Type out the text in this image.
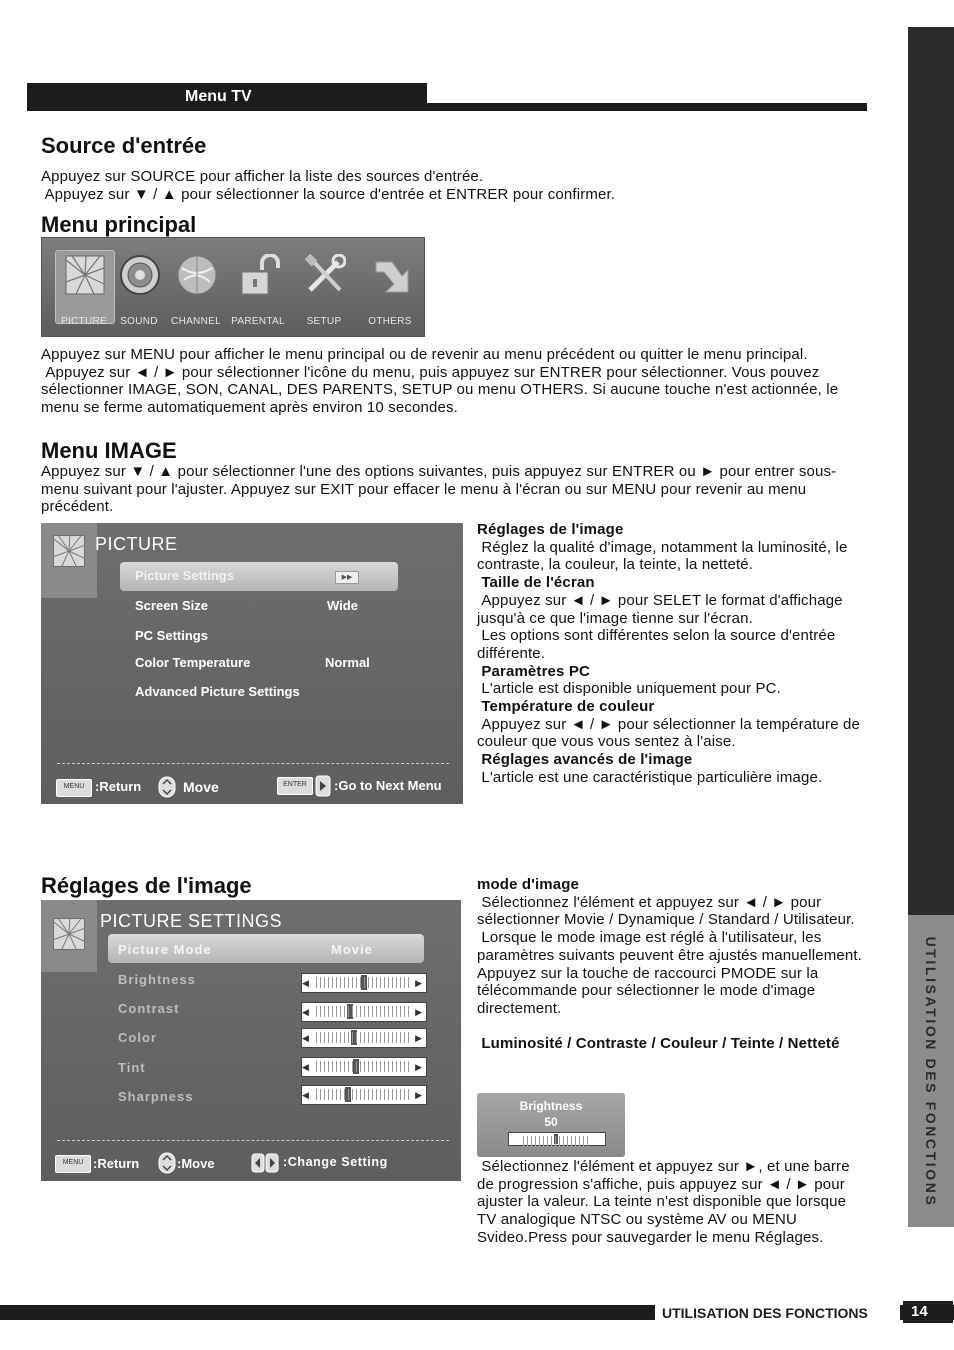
UTILISATION DES FONCTIONS
Menu TV
Source d'entrée

Appuyez sur SOURCE pour afficher la liste des sources d'entrée.

Appuyez sur ▼ / ▲ pour sélectionner la source d'entrée et ENTRER pour confirmer.

Menu principal
PICTURE	SOUND	CHANNEL	PARENTAL	SETUP	OTHERS

Appuyez sur MENU pour afficher le menu principal ou de revenir au menu précédent ou quitter le menu principal.

Appuyez sur ◄ / ► pour sélectionner l'icône du menu, puis appuyez sur ENTRER pour sélectionner. Vous pouvez sélectionner IMAGE, SON, CANAL, DES PARENTS, SETUP ou menu OTHERS. Si aucune touche n'est actionnée, le menu se ferme automatiquement après environ 10 secondes.

Menu IMAGE
Appuyez sur ▼ / ▲ pour sélectionner l'une des options suivantes, puis appuyez sur ENTRER ou ► pour entrer sous-menu suivant pour l'ajuster. Appuyez sur EXIT pour effacer le menu à l'écran ou sur MENU pour revenir au menu précédent.
PICTURE
Picture Settings	▶▶
Screen Size	Wide
PC Settings
Color Temperature	Normal
Advanced Picture Settings
MENU :Return	Move	ENTER	:Go to Next Menu

Réglages de l'image

Réglez la qualité d'image, notamment la luminosité, le contraste, la couleur, la teinte, la netteté.

Taille de l'écran

Appuyez sur ◄ / ► pour SELET le format d'affichage jusqu'à ce que l'image tienne sur l'écran.
Les options sont différentes selon la source d'entrée différente.

Paramètres PC

L'article est disponible uniquement pour PC.

Température de couleur

Appuyez sur ◄ / ► pour sélectionner la température de couleur que vous vous sentez à l'aise.

Réglages avancés de l'image

L'article est une caractéristique particulière image.

Réglages de l'image
PICTURE SETTINGS
Picture Mode	Movie
Brightness	◀	▶
Contrast	◀	▶
Color	◀	▶
Tint	◀	▶
Sharpness	◀	▶
MENU :Return	:Move	:Change Setting

mode d'image

Sélectionnez l'élément et appuyez sur ◄ / ► pour sélectionner Movie / Dynamique / Standard / Utilisateur.

Lorsque le mode image est réglé à l'utilisateur, les paramètres suivants peuvent être ajustés manuellement. Appuyez sur la touche de raccourci PMODE sur la télécommande pour sélectionner le mode d'image directement.

Luminosité / Contraste / Couleur / Teinte / Netteté

Brightness
50

Sélectionnez l'élément et appuyez sur ►, et une barre de progression s'affiche, puis appuyez sur ◄ / ► pour ajuster la valeur. La teinte n'est disponible que lorsque TV analogique NTSC ou système AV ou MENU Svideo.Press pour sauvegarder le menu Réglages.

UTILISATION DES FONCTIONS	14
